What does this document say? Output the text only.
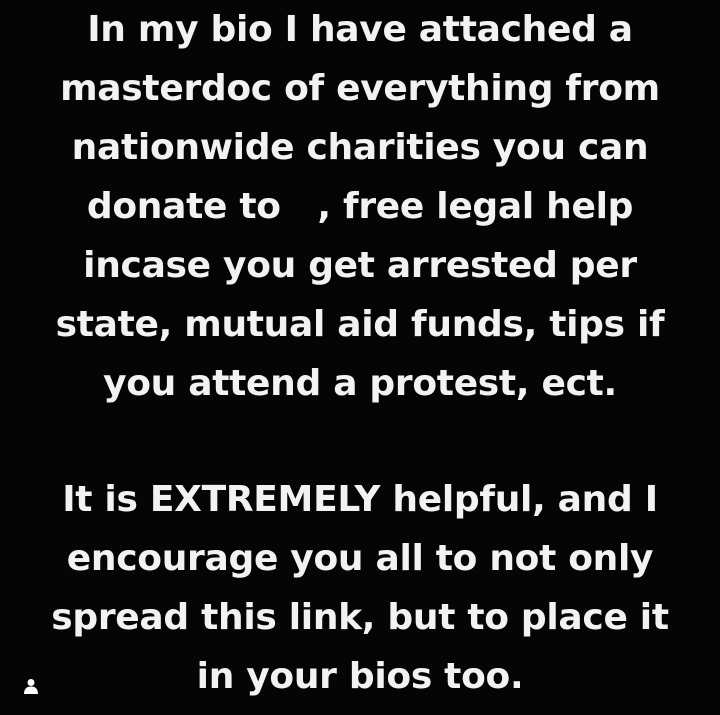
In my bio I have attached a
masterdoc of everything from
nationwide charities you can
donate to   , free legal help
incase you get arrested per
state, mutual aid funds, tips if
you attend a protest, ect.
It is EXTREMELY helpful, and I
encourage you all to not only
spread this link, but to place it
in your bios too.
